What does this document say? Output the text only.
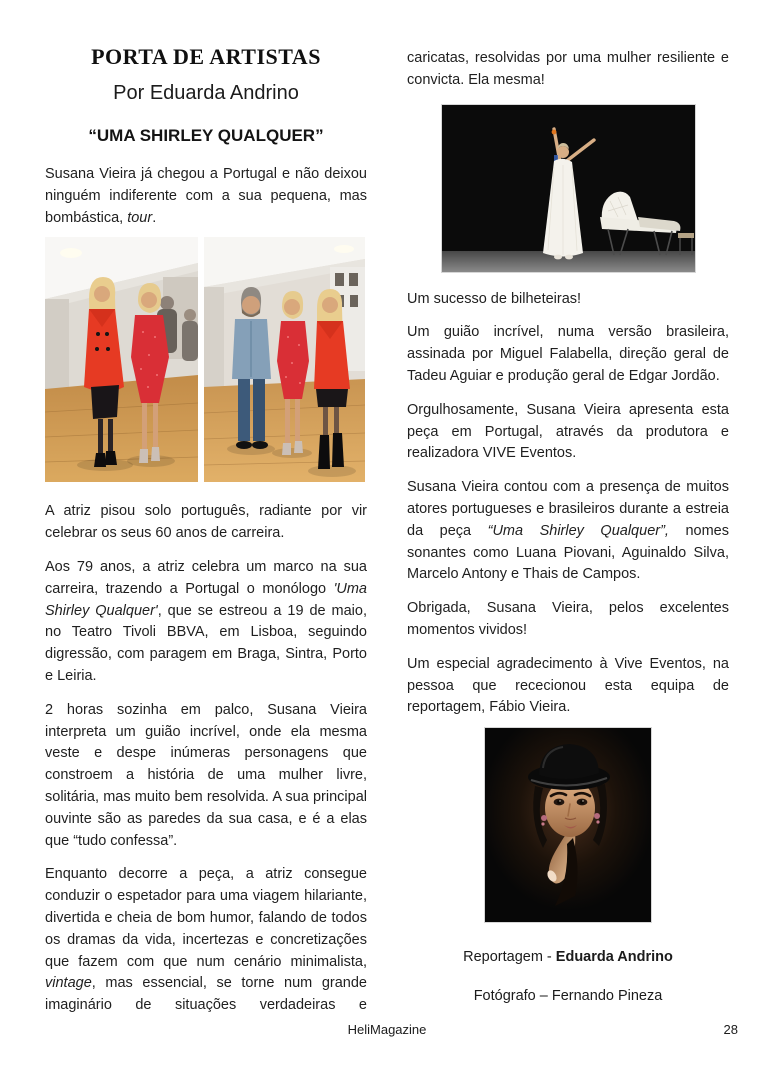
PORTA DE ARTISTAS
Por Eduarda Andrino
“UMA SHIRLEY QUALQUER”

Susana Vieira já chegou a Portugal e não deixou ninguém indiferente com a sua pequena, mas bombástica, tour.

A atriz pisou solo português, radiante por vir celebrar os seus 60 anos de carreira.

Aos 79 anos, a atriz celebra um marco na sua carreira, trazendo a Portugal o monólogo 'Uma Shirley Qualquer', que se estreou a 19 de maio, no Teatro Tivoli BBVA, em Lisboa, seguindo digressão, com paragem em Braga, Sintra, Porto e Leiria.

2 horas sozinha em palco, Susana Vieira interpreta um guião incrível, onde ela mesma veste e despe inúmeras personagens que constroem a história de uma mulher livre, solitária, mas muito bem resolvida. A sua principal ouvinte são as paredes da sua casa, e é a elas que “tudo confessa”.

Enquanto decorre a peça, a atriz consegue conduzir o espetador para uma viagem hilariante, divertida e cheia de bom humor, falando de todos os dramas da vida, incertezas e concretizações que fazem com que num cenário minimalista, vintage, mas essencial, se torne num grande imaginário de situações verdadeiras e

caricatas, resolvidas por uma mulher resiliente e convicta. Ela mesma!

Um sucesso de bilheteiras!

Um guião incrível, numa versão brasileira, assinada por Miguel Falabella, direção geral de Tadeu Aguiar e produção geral de Edgar Jordão.

Orgulhosamente, Susana Vieira apresenta esta peça em Portugal, através da produtora e realizadora VIVE Eventos.

Susana Vieira contou com a presença de muitos atores portugueses e brasileiros durante a estreia da peça “Uma Shirley Qualquer”, nomes sonantes como Luana Piovani, Aguinaldo Silva, Marcelo Antony e Thais de Campos.

Obrigada, Susana Vieira, pelos excelentes momentos vividos!

Um especial agradecimento à Vive Eventos, na pessoa que rececionou esta equipa de reportagem, Fábio Vieira.

Reportagem - Eduarda Andrino

Fotógrafo – Fernando Pineza

HeliMagazine	28
